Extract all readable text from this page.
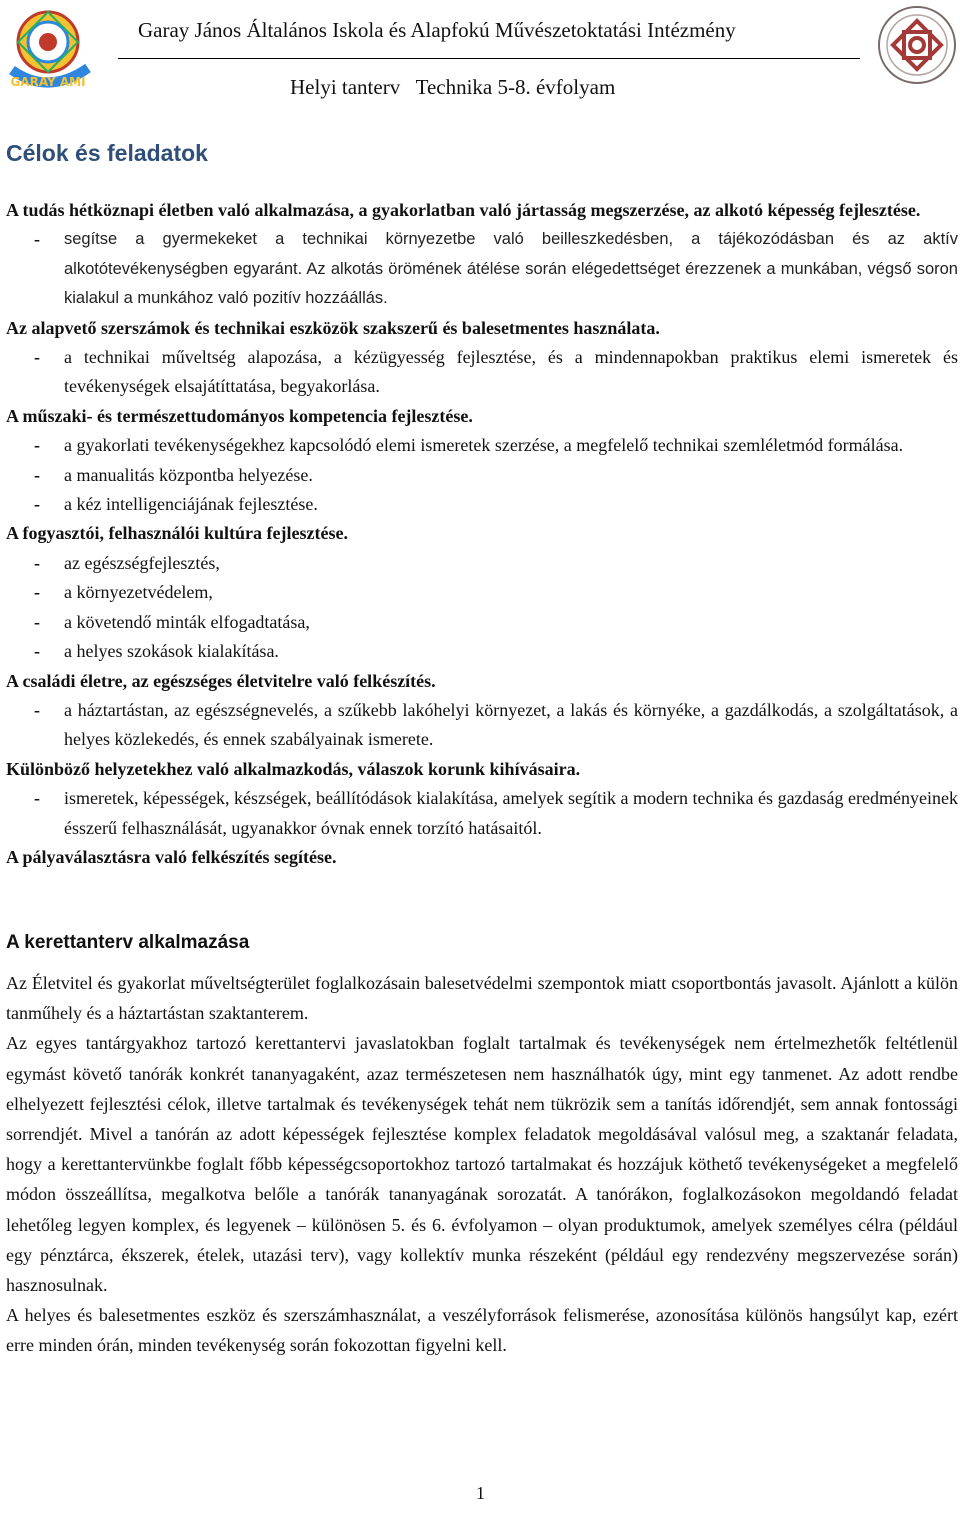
GARAY AMI
Garay János Általános Iskola és Alapfokú Művészetoktatási Intézmény
Helyi tanterv   Technika 5-8. évfolyam
Célok és feladatok
A tudás hétköznapi életben való alkalmazása, a gyakorlatban való jártasság megszerzése, az alkotó képesség fejlesztése.
-	segítse a gyermekeket a technikai környezetbe való beilleszkedésben, a tájékozódásban és az aktív alkotótevékenységben egyaránt. Az alkotás örömének átélése során elégedettséget érezzenek a munkában, végső soron kialakul a munkához való pozitív hozzáállás.
Az alapvető szerszámok és technikai eszközök szakszerű és balesetmentes használata.
-	a technikai műveltség alapozása, a kézügyesség fejlesztése, és a mindennapokban praktikus elemi ismeretek és tevékenységek elsajátíttatása, begyakorlása.
A műszaki- és természettudományos kompetencia fejlesztése.
-	a gyakorlati tevékenységekhez kapcsolódó elemi ismeretek szerzése, a megfelelő technikai szemléletmód formálása.
-	a manualitás központba helyezése.
-	a kéz intelligenciájának fejlesztése.
A fogyasztói, felhasználói kultúra fejlesztése.
-	az egészségfejlesztés,
-	a környezetvédelem,
-	a követendő minták elfogadtatása,
-	a helyes szokások kialakítása.
A családi életre, az egészséges életvitelre való felkészítés.
-	a háztartástan, az egészségnevelés, a szűkebb lakóhelyi környezet, a lakás és környéke, a gazdálkodás, a szolgáltatások, a helyes közlekedés, és ennek szabályainak ismerete.
Különböző helyzetekhez való alkalmazkodás, válaszok korunk kihívásaira.
-	ismeretek, képességek, készségek, beállítódások kialakítása, amelyek segítik a modern technika és gazdaság eredményeinek ésszerű felhasználását, ugyanakkor óvnak ennek torzító hatásaitól.
A pályaválasztásra való felkészítés segítése.
A kerettanterv alkalmazása

Az Életvitel és gyakorlat műveltségterület foglalkozásain balesetvédelmi szempontok miatt csoportbontás javasolt. Ajánlott a külön tanműhely és a háztartástan szaktanterem.

Az egyes tantárgyakhoz tartozó kerettantervi javaslatokban foglalt tartalmak és tevékenységek nem értelmezhetők feltétlenül egymást követő tanórák konkrét tananyagaként, azaz természetesen nem használhatók úgy, mint egy tanmenet. Az adott rendbe elhelyezett fejlesztési célok, illetve tartalmak és tevékenységek tehát nem tükrözik sem a tanítás időrendjét, sem annak fontossági sorrendjét. Mivel a tanórán az adott képességek fejlesztése komplex feladatok megoldásával valósul meg, a szaktanár feladata, hogy a kerettantervünkbe foglalt főbb képességcsoportokhoz tartozó tartalmakat és hozzájuk köthető tevékenységeket a megfelelő módon összeállítsa, megalkotva belőle a tanórák tananyagának sorozatát. A tanórákon, foglalkozásokon megoldandó feladat lehetőleg legyen komplex, és legyenek – különösen 5. és 6. évfolyamon – olyan produktumok, amelyek személyes célra (például egy pénztárca, ékszerek, ételek, utazási terv), vagy kollektív munka részeként (például egy rendezvény megszervezése során) hasznosulnak.

A helyes és balesetmentes eszköz és szerszámhasználat, a veszélyforrások felismerése, azonosítása különös hangsúlyt kap, ezért erre minden órán, minden tevékenység során fokozottan figyelni kell.

1
